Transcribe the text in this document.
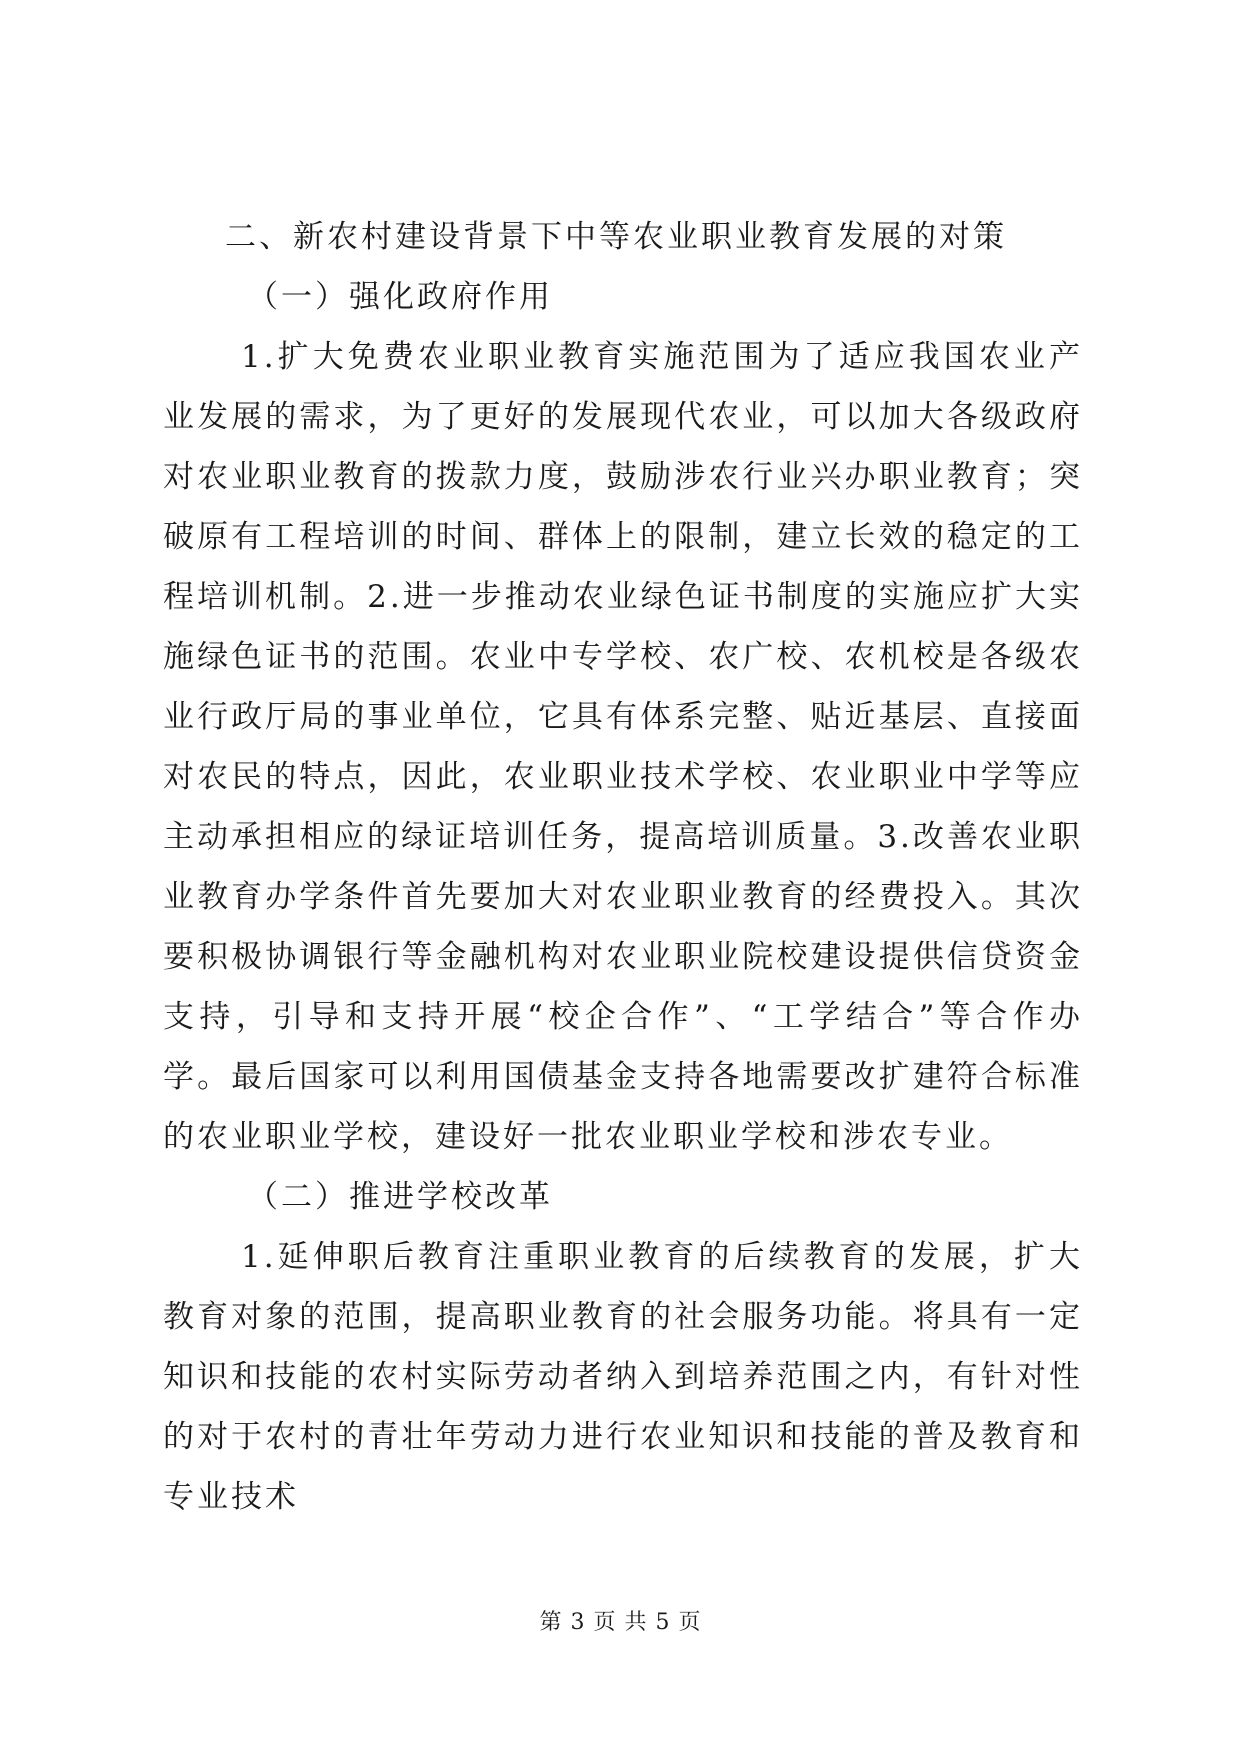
二、新农村建设背景下中等农业职业教育发展的对策

（一）强化政府作用

1.扩大免费农业职业教育实施范围为了适应我国农业产业发展的需求，为了更好的发展现代农业，可以加大各级政府对农业职业教育的拨款力度，鼓励涉农行业兴办职业教育；突破原有工程培训的时间、群体上的限制，建立长效的稳定的工程培训机制。2.进一步推动农业绿色证书制度的实施应扩大实施绿色证书的范围。农业中专学校、农广校、农机校是各级农业行政厅局的事业单位，它具有体系完整、贴近基层、直接面对农民的特点，因此，农业职业技术学校、农业职业中学等应主动承担相应的绿证培训任务，提高培训质量。3.改善农业职业教育办学条件首先要加大对农业职业教育的经费投入。其次要积极协调银行等金融机构对农业职业院校建设提供信贷资金支持，引导和支持开展“校企合作”、“工学结合”等合作办学。最后国家可以利用国债基金支持各地需要改扩建符合标准的农业职业学校，建设好一批农业职业学校和涉农专业。

（二）推进学校改革

1.延伸职后教育注重职业教育的后续教育的发展，扩大教育对象的范围，提高职业教育的社会服务功能。将具有一定知识和技能的农村实际劳动者纳入到培养范围之内，有针对性的对于农村的青壮年劳动力进行农业知识和技能的普及教育和专业技术

第 3 页 共 5 页
